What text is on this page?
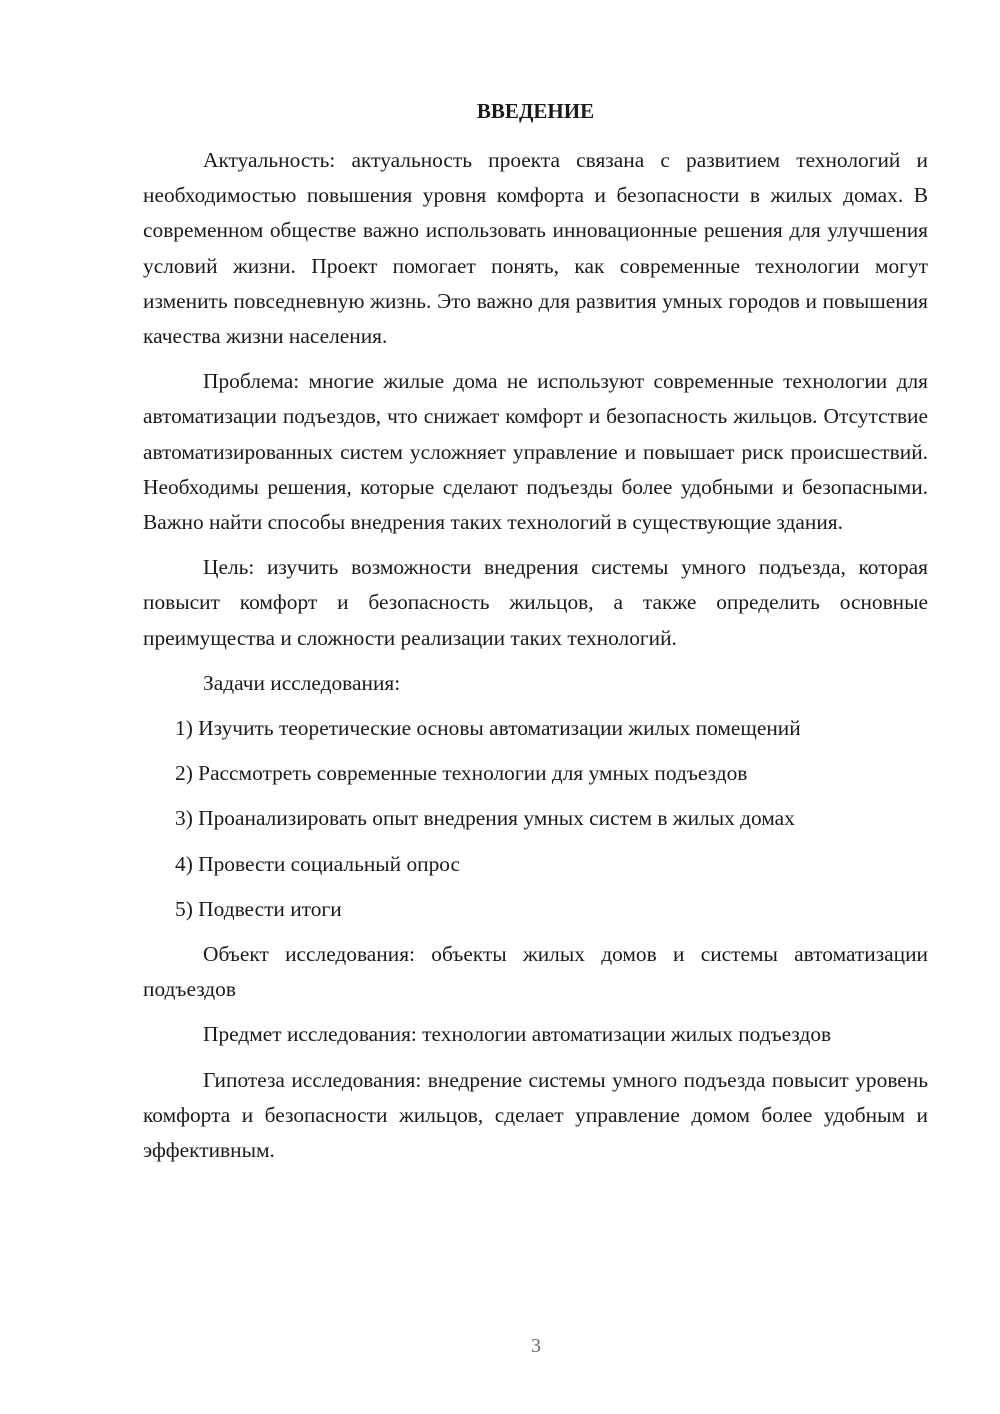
ВВЕДЕНИЕ

Актуальность: актуальность проекта связана с развитием технологий и необходимостью повышения уровня комфорта и безопасности в жилых домах. В современном обществе важно использовать инновационные решения для улучшения условий жизни. Проект помогает понять, как современные технологии могут изменить повседневную жизнь. Это важно для развития умных городов и повышения качества жизни населения.

Проблема: многие жилые дома не используют современные технологии для автоматизации подъездов, что снижает комфорт и безопасность жильцов. Отсутствие автоматизированных систем усложняет управление и повышает риск происшествий. Необходимы решения, которые сделают подъезды более удобными и безопасными. Важно найти способы внедрения таких технологий в существующие здания.

Цель: изучить возможности внедрения системы умного подъезда, которая повысит комфорт и безопасность жильцов, а также определить основные преимущества и сложности реализации таких технологий.

Задачи исследования:

1) Изучить теоретические основы автоматизации жилых помещений
2) Рассмотреть современные технологии для умных подъездов
3) Проанализировать опыт внедрения умных систем в жилых домах
4) Провести социальный опрос
5) Подвести итоги

Объект исследования: объекты жилых домов и системы автоматизации подъездов

Предмет исследования: технологии автоматизации жилых подъездов

Гипотеза исследования: внедрение системы умного подъезда повысит уровень комфорта и безопасности жильцов, сделает управление домом более удобным и эффективным.

3
